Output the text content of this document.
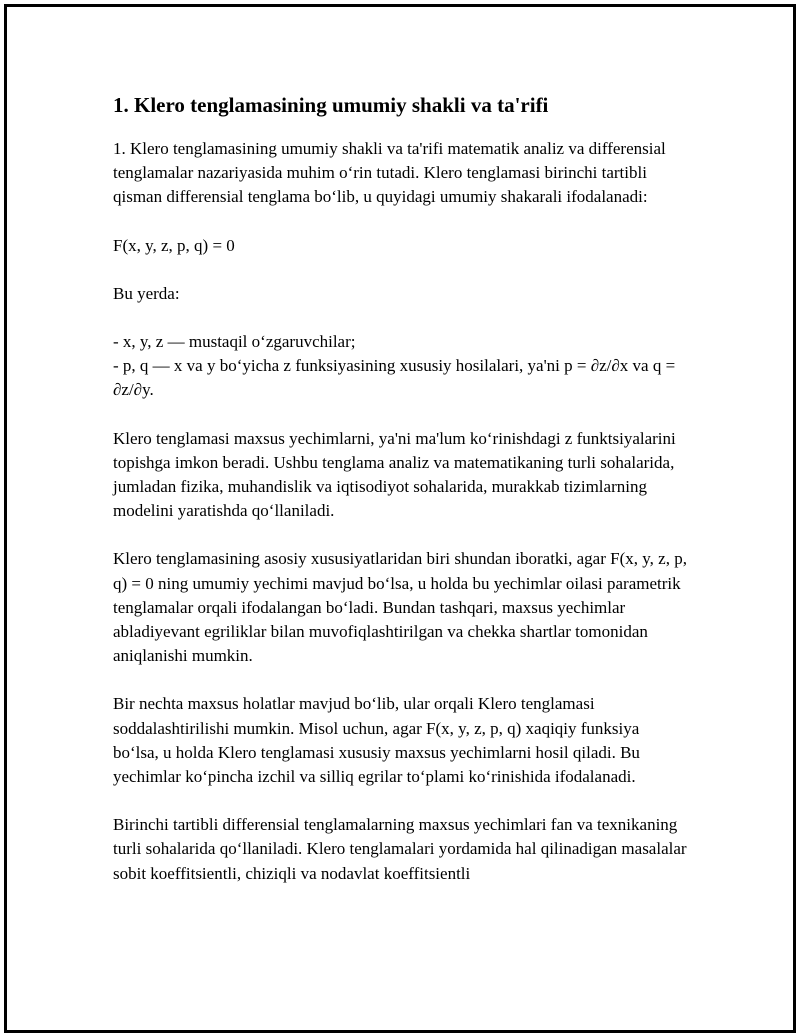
1. Klero tenglamasining umumiy shakli va ta'rifi

1. Klero tenglamasining umumiy shakli va ta'rifi matematik analiz va differensial tenglamalar nazariyasida muhim o‘rin tutadi. Klero tenglamasi birinchi tartibli qisman differensial tenglama bo‘lib, u quyidagi umumiy shakarali ifodalanadi:

F(x, y, z, p, q) = 0

Bu yerda:

- x, y, z — mustaqil o‘zgaruvchilar;
- p, q — x va y bo‘yicha z funksiyasining xususiy hosilalari, ya'ni p = ∂z/∂x va q = ∂z/∂y.

Klero tenglamasi maxsus yechimlarni, ya'ni ma'lum ko‘rinishdagi z funktsiyalarini topishga imkon beradi. Ushbu tenglama analiz va matematikaning turli sohalarida, jumladan fizika, muhandislik va iqtisodiyot sohalarida, murakkab tizimlarning modelini yaratishda qo‘llaniladi.

Klero tenglamasining asosiy xususiyatlaridan biri shundan iboratki, agar F(x, y, z, p, q) = 0 ning umumiy yechimi mavjud bo‘lsa, u holda bu yechimlar oilasi parametrik tenglamalar orqali ifodalangan bo‘ladi. Bundan tashqari, maxsus yechimlar abladiyevant egriliklar bilan muvofiqlashtirilgan va chekka shartlar tomonidan aniqlanishi mumkin.

Bir nechta maxsus holatlar mavjud bo‘lib, ular orqali Klero tenglamasi soddalashtirilishi mumkin. Misol uchun, agar F(x, y, z, p, q) xaqiqiy funksiya bo‘lsa, u holda Klero tenglamasi xususiy maxsus yechimlarni hosil qiladi. Bu yechimlar ko‘pincha izchil va silliq egrilar to‘plami ko‘rinishida ifodalanadi.

Birinchi tartibli differensial tenglamalarning maxsus yechimlari fan va texnikaning turli sohalarida qo‘llaniladi. Klero tenglamalari yordamida hal qilinadigan masalalar sobit koeffitsientli, chiziqli va nodavlat koeffitsientli
